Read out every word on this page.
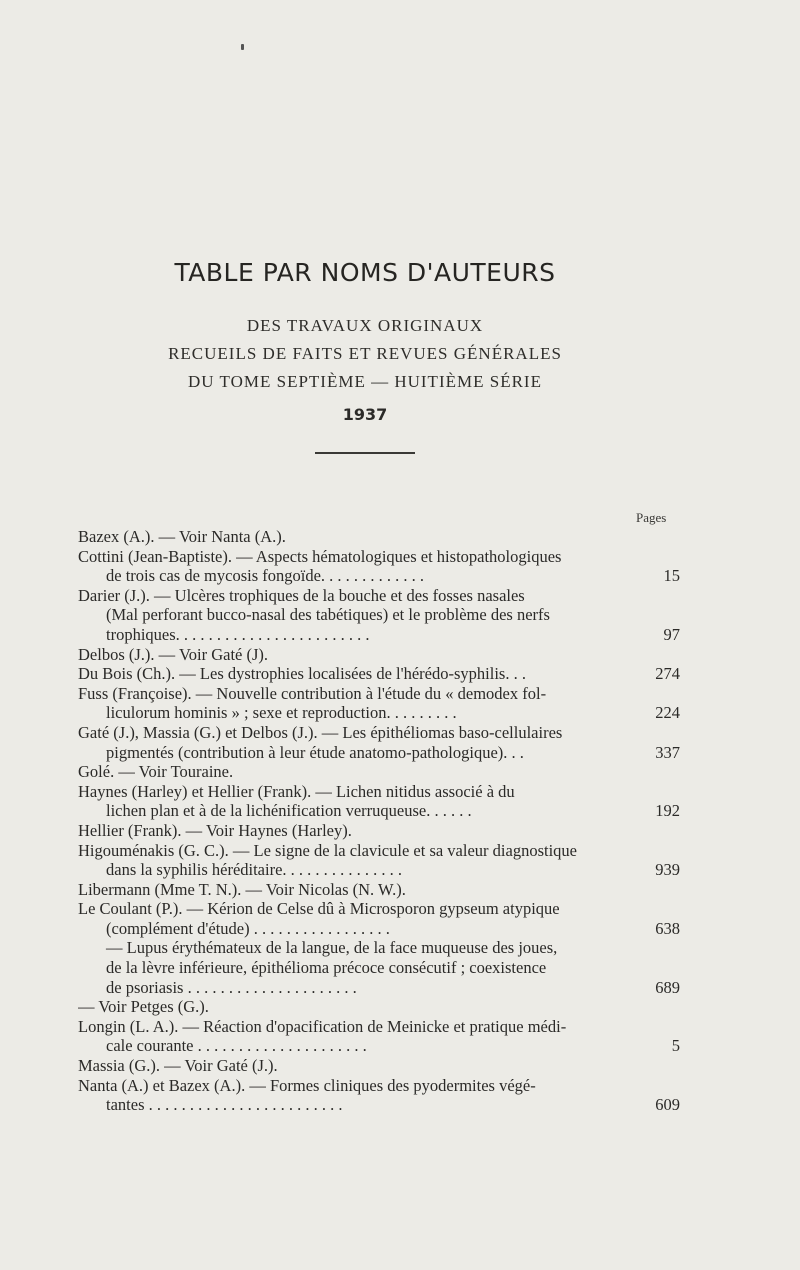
TABLE PAR NOMS D'AUTEURS
DES TRAVAUX ORIGINAUX
RECUEILS DE FAITS ET REVUES GÉNÉRALES
DU TOME SEPTIÈME — HUITIÈME SÉRIE
1937
Pages
Bazex (A.). — Voir Nanta (A.).
Cottini (Jean-Baptiste). — Aspects hématologiques et histopathologiques
de trois cas de mycosis fongoïde. . . . . . . . . . . . .	15
Darier (J.). — Ulcères trophiques de la bouche et des fosses nasales
(Mal perforant bucco-nasal des tabétiques) et le problème des nerfs
trophiques. . . . . . . . . . . . . . . . . . . . . . . .	97
Delbos (J.). — Voir Gaté (J).
Du Bois (Ch.). — Les dystrophies localisées de l'hérédo-syphilis. . .	274
Fuss (Françoise). — Nouvelle contribution à l'étude du « demodex fol-
liculorum hominis » ; sexe et reproduction. . . . . . . . .	224
Gaté (J.), Massia (G.) et Delbos (J.). — Les épithéliomas baso-cellulaires
pigmentés (contribution à leur étude anatomo-pathologique). . .	337
Golé. — Voir Touraine.
Haynes (Harley) et Hellier (Frank). — Lichen nitidus associé à du
lichen plan et à de la lichénification verruqueuse. . . . . .	192
Hellier (Frank). — Voir Haynes (Harley).
Higouménakis (G. C.). — Le signe de la clavicule et sa valeur diagnostique
dans la syphilis héréditaire. . . . . . . . . . . . . . .	939
Libermann (Mme T. N.). — Voir Nicolas (N. W.).
Le Coulant (P.). — Kérion de Celse dû à Microsporon gypseum atypique
(complément d'étude) . . . . . . . . . . . . . . . . .	638
— Lupus érythémateux de la langue, de la face muqueuse des joues,
de la lèvre inférieure, épithélioma précoce consécutif ; coexistence
de psoriasis . . . . . . . . . . . . . . . . . . . . .	689
— Voir Petges (G.).
Longin (L. A.). — Réaction d'opacification de Meinicke et pratique médi-
cale courante . . . . . . . . . . . . . . . . . . . . .	5
Massia (G.). — Voir Gaté (J.).
Nanta (A.) et Bazex (A.). — Formes cliniques des pyodermites végé-
tantes . . . . . . . . . . . . . . . . . . . . . . . .	609
